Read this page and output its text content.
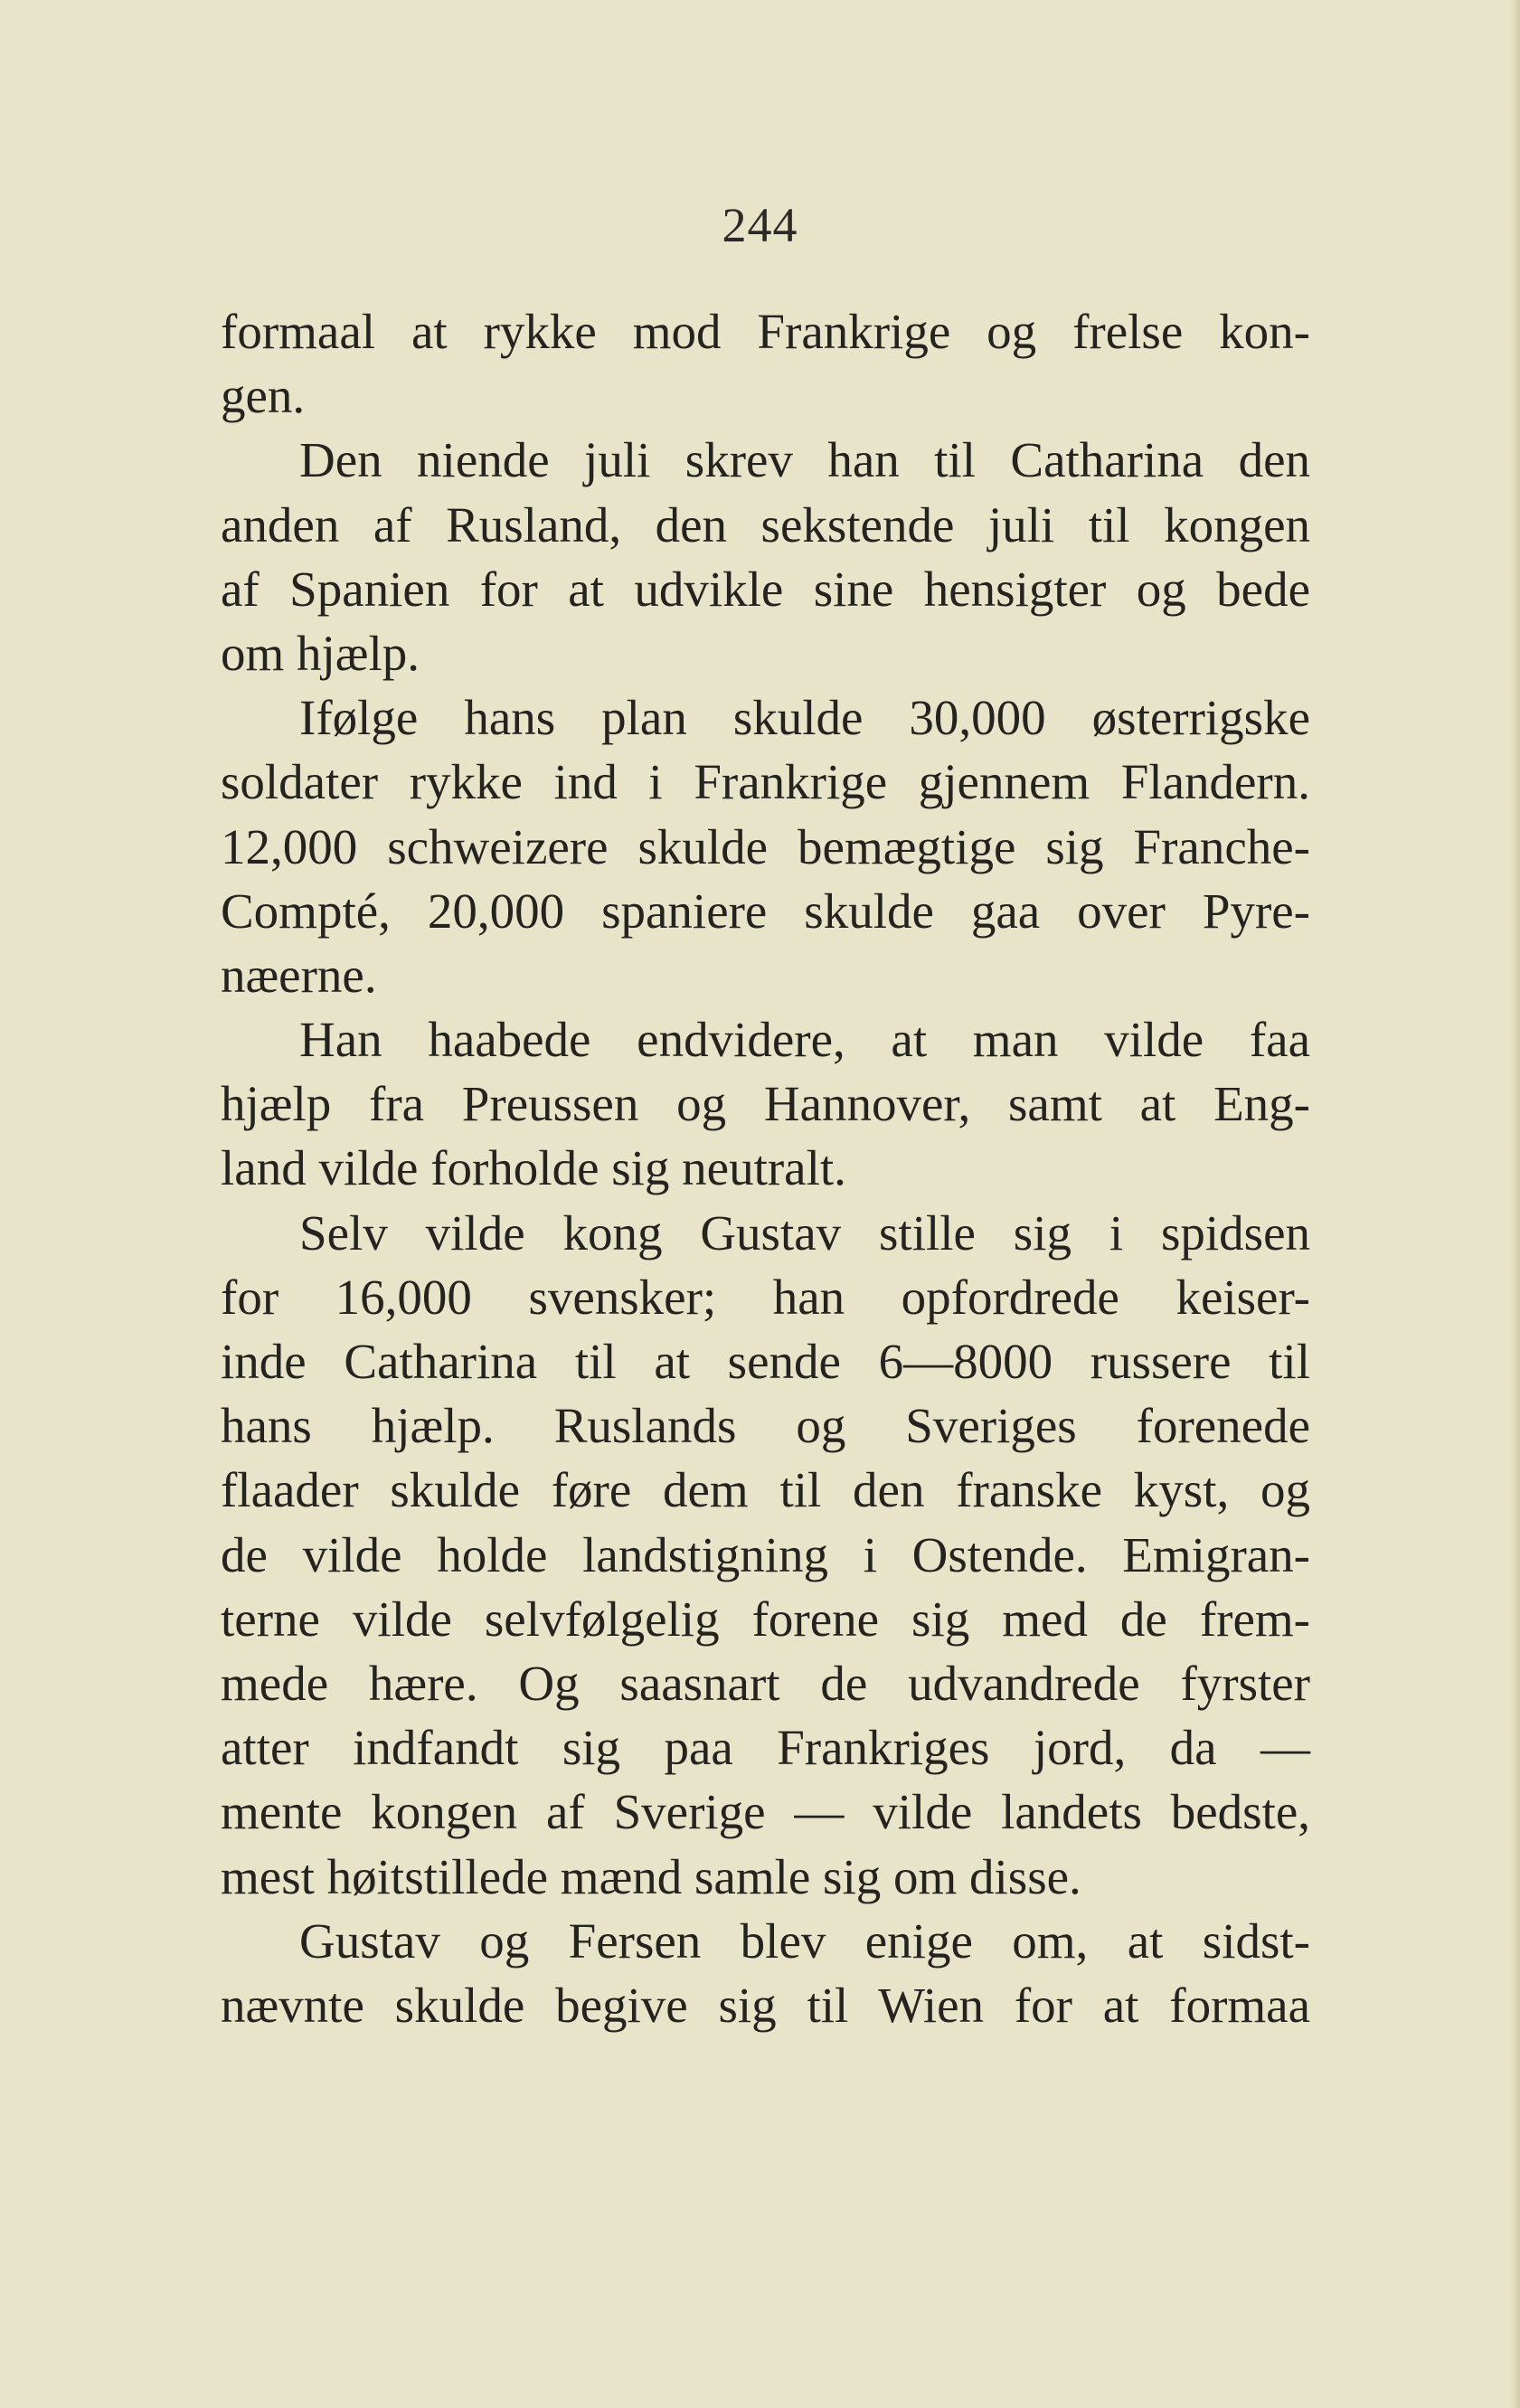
244
formaal at rykke mod Frankrige og frelse kon-
gen.
Den niende juli skrev han til Catharina den
anden af Rusland, den sekstende juli til kongen
af Spanien for at udvikle sine hensigter og bede
om hjælp.
Ifølge hans plan skulde 30,000 østerrigske
soldater rykke ind i Frankrige gjennem Flandern.
12,000 schweizere skulde bemægtige sig Franche-
Compté, 20,000 spaniere skulde gaa over Pyre-
næerne.
Han haabede endvidere, at man vilde faa
hjælp fra Preussen og Hannover, samt at Eng-
land vilde forholde sig neutralt.
Selv vilde kong Gustav stille sig i spidsen
for 16,000 svensker; han opfordrede keiser-
inde Catharina til at sende 6—8000 russere til
hans hjælp. Ruslands og Sveriges forenede
flaader skulde føre dem til den franske kyst, og
de vilde holde landstigning i Ostende. Emigran-
terne vilde selvfølgelig forene sig med de frem-
mede hære. Og saasnart de udvandrede fyrster
atter indfandt sig paa Frankriges jord, da —
mente kongen af Sverige — vilde landets bedste,
mest høitstillede mænd samle sig om disse.
Gustav og Fersen blev enige om, at sidst-
nævnte skulde begive sig til Wien for at formaa
